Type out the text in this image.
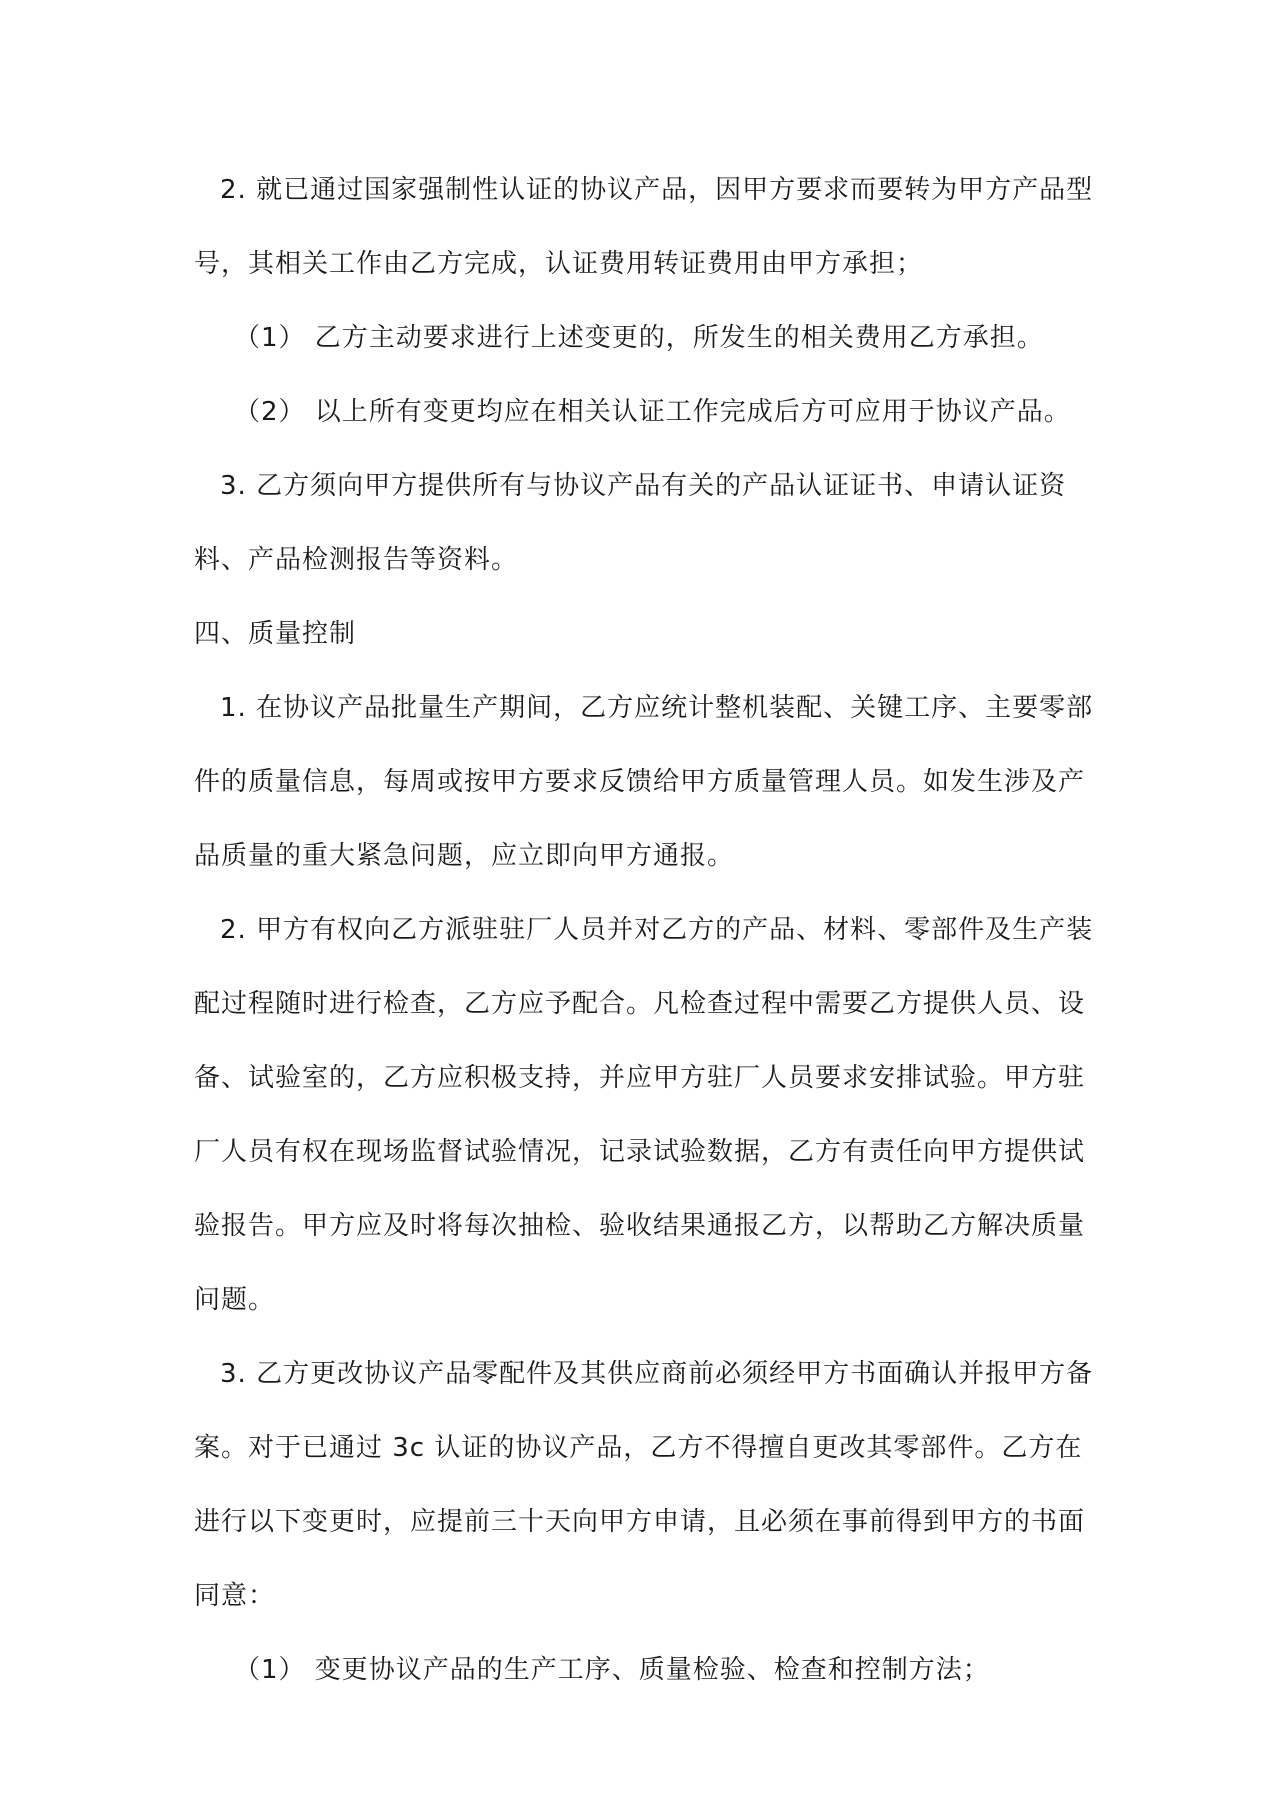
2. 就已通过国家强制性认证的协议产品，因甲方要求而要转为甲方产品型号，其相关工作由乙方完成，认证费用转证费用由甲方承担；

（1） 乙方主动要求进行上述变更的，所发生的相关费用乙方承担。

（2） 以上所有变更均应在相关认证工作完成后方可应用于协议产品。

3. 乙方须向甲方提供所有与协议产品有关的产品认证证书、申请认证资料、产品检测报告等资料。

四、质量控制

1. 在协议产品批量生产期间，乙方应统计整机装配、关键工序、主要零部件的质量信息，每周或按甲方要求反馈给甲方质量管理人员。如发生涉及产品质量的重大紧急问题，应立即向甲方通报。

2. 甲方有权向乙方派驻驻厂人员并对乙方的产品、材料、零部件及生产装配过程随时进行检查，乙方应予配合。凡检查过程中需要乙方提供人员、设备、试验室的，乙方应积极支持，并应甲方驻厂人员要求安排试验。甲方驻厂人员有权在现场监督试验情况，记录试验数据，乙方有责任向甲方提供试验报告。甲方应及时将每次抽检、验收结果通报乙方，以帮助乙方解决质量问题。

3. 乙方更改协议产品零配件及其供应商前必须经甲方书面确认并报甲方备案。对于已通过 3c 认证的协议产品，乙方不得擅自更改其零部件。乙方在进行以下变更时，应提前三十天向甲方申请，且必须在事前得到甲方的书面同意：

（1） 变更协议产品的生产工序、质量检验、检查和控制方法；
